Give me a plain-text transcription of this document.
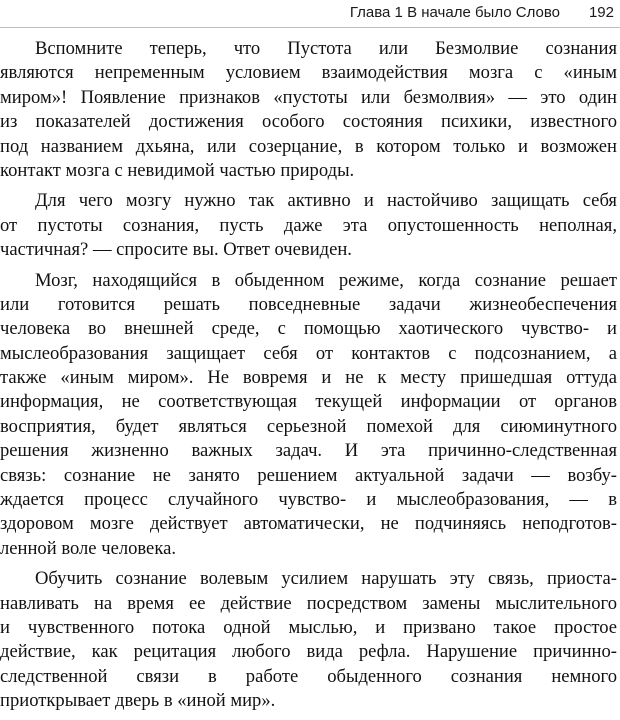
Глава 1 В начале было Слово 192
Вспомните теперь, что Пустота или Безмолвие сознания
являются непременным условием взаимодействия мозга с «иным
миром»! Появление признаков «пустоты или безмолвия» — это один
из показателей достижения особого состояния психики, известного
под названием дхьяна, или созерцание, в котором только и возможен
контакт мозга с невидимой частью природы.
Для чего мозгу нужно так активно и настойчиво защищать себя
от пустоты сознания, пусть даже эта опустошенность неполная,
частичная? — спросите вы. Ответ очевиден.
Мозг, находящийся в обыденном режиме, когда сознание решает
или готовится решать повседневные задачи жизнеобеспечения
человека во внешней среде, с помощью хаотического чувство- и
мыслеобразования защищает себя от контактов с подсознанием, а
также «иным миром». Не вовремя и не к месту пришедшая оттуда
информация, не соответствующая текущей информации от органов
восприятия, будет являться серьезной помехой для сиюминутного
решения жизненно важных задач. И эта причинно-следственная
связь: сознание не занято решением актуальной задачи — возбу-
ждается процесс случайного чувство- и мыслеобразования, — в
здоровом мозге действует автоматически, не подчиняясь неподготов-
ленной воле человека.
Обучить сознание волевым усилием нарушать эту связь, приоста-
навливать на время ее действие посредством замены мыслительного
и чувственного потока одной мыслью, и призвано такое простое
действие, как рецитация любого вида рефла. Нарушение причинно-
следственной связи в работе обыденного сознания немного
приоткрывает дверь в «иной мир».
